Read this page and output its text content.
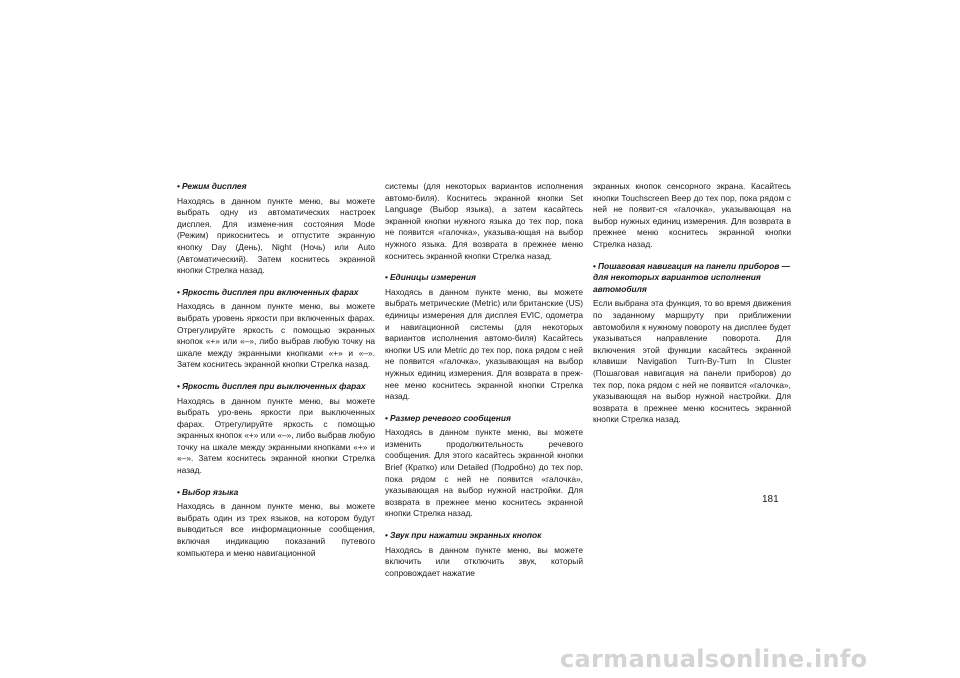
• Режим дисплея

Находясь в данном пункте меню, вы можете выбрать одну из автоматических настроек дисплея. Для измене-ния состояния Mode (Режим) прикоснитесь и отпустите экранную кнопку Day (День), Night (Ночь) или Auto (Автоматический). Затем коснитесь экранной кнопки Стрелка назад.

• Яркость дисплея при включенных фарах

Находясь в данном пункте меню, вы можете выбрать уровень яркости при включенных фарах. Отрегулируйте яркость с помощью экранных кнопок «+» или «–», либо выбрав любую точку на шкале между экранными кнопками «+» и «–». Затем коснитесь экранной кнопки Стрелка назад.

• Яркость дисплея при выключенных фарах

Находясь в данном пункте меню, вы можете выбрать уро-вень яркости при выключенных фарах. Отрегулируйте яркость с помощью экранных кнопок «+» или «–», либо выбрав любую точку на шкале между экранными кнопками «+» и «–». Затем коснитесь экранной кнопки Стрелка назад.

• Выбор языка

Находясь в данном пункте меню, вы можете выбрать один из трех языков, на котором будут выводиться все информационные сообщения, включая индикацию показаний путевого компьютера и меню навигационной

системы (для некоторых вариантов исполнения автомо-биля). Коснитесь экранной кнопки Set Language (Выбор языка), а затем касайтесь экранной кнопки нужного языка до тех пор, пока не появится «галочка», указыва-ющая на выбор нужного языка. Для возврата в прежнее меню коснитесь экранной кнопки Стрелка назад.

• Единицы измерения

Находясь в данном пункте меню, вы можете выбрать метрические (Metric) или британские (US) единицы измерения для дисплея EVIC, одометра и навигационной системы (для некоторых вариантов исполнения автомо-биля) Касайтесь кнопки US или Metric до тех пор, пока рядом с ней не появится «галочка», указывающая на выбор нужных единиц измерения. Для возврата в преж-нее меню коснитесь экранной кнопки Стрелка назад.

• Размер речевого сообщения

Находясь в данном пункте меню, вы можете изменить продолжительность речевого сообщения. Для этого касайтесь экранной кнопки Brief (Кратко) или Detailed (Подробно) до тех пор, пока рядом с ней не появится «галочка», указывающая на выбор нужной настройки. Для возврата в прежнее меню коснитесь экранной кнопки Стрелка назад.

• Звук при нажатии экранных кнопок

Находясь в данном пункте меню, вы можете включить или отключить звук, который сопровождает нажатие

экранных кнопок сенсорного экрана. Касайтесь кнопки Touchscreen Beep до тех пор, пока рядом с ней не появит-ся «галочка», указывающая на выбор нужных единиц измерения. Для возврата в прежнее меню коснитесь экранной кнопки Стрелка назад.

• Пошаговая навигация на панели приборов — для некоторых вариантов исполнения автомобиля

Если выбрана эта функция, то во время движения по заданному маршруту при приближении автомобиля к нужному повороту на дисплее будет указываться направление поворота. Для включения этой функции касайтесь экранной клавиши Navigation Turn-By-Turn In Cluster (Пошаговая навигация на панели приборов) до тех пор, пока рядом с ней не появится «галочка», указывающая на выбор нужной настройки. Для возврата в прежнее меню коснитесь экранной кнопки Стрелка назад.

181
carmanualsonline.info
